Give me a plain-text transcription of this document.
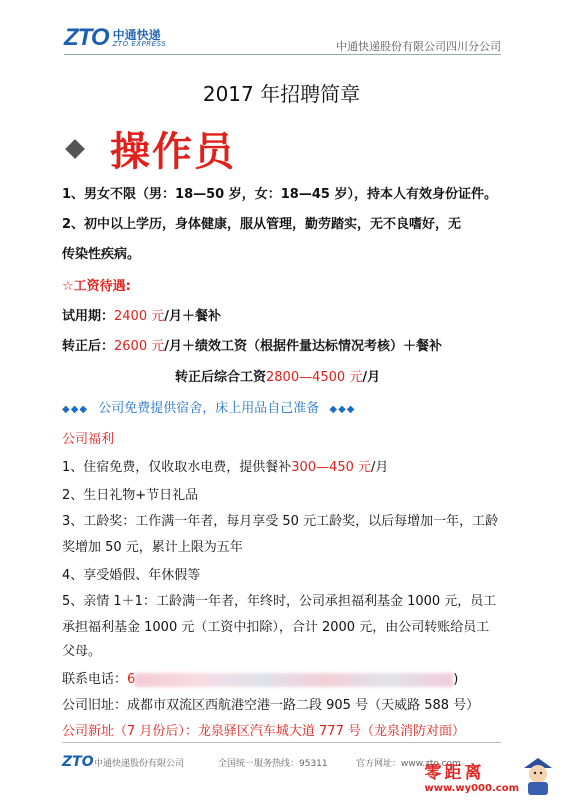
ZTO 中通快递
ZTO EXPRESS	中通快递股份有限公司四川分公司
2017 年招聘简章
操作员
1、男女不限（男：18—50 岁，女：18—45 岁），持本人有效身份证件。
2、初中以上学历，身体健康，服从管理，勤劳踏实，无不良嗜好，无
传染性疾病。
☆工资待遇:
试用期：2400 元/月＋餐补
转正后：2600 元/月＋绩效工资（根据件量达标情况考核）＋餐补
转正后综合工资2800—4500 元/月
◆◆◆ 公司免费提供宿舍，床上用品自己准备 ◆◆◆
公司福利
1、住宿免费，仅收取水电费，提供餐补300—450 元/月
2、生日礼物+节日礼品
3、工龄奖：工作满一年者，每月享受 50 元工龄奖，以后每增加一年，工龄
奖增加 50 元，累计上限为五年
4、享受婚假、年休假等
5、亲情 1＋1：工龄满一年者，年终时，公司承担福利基金 1000 元，员工
承担福利基金 1000 元（工资中扣除），合计 2000 元，由公司转账给员工
父母。
联系电话：6	)
公司旧址：成都市双流区西航港空港一路二段 905 号（天威路 588 号）
公司新址（7 月份后）：龙泉驿区汽车城大道 777 号（龙泉消防对面）
ZTO 中通快递股份有限公司	全国统一服务热线：95311	官方网址：www.zto.com
零距离
www.wy000.com
